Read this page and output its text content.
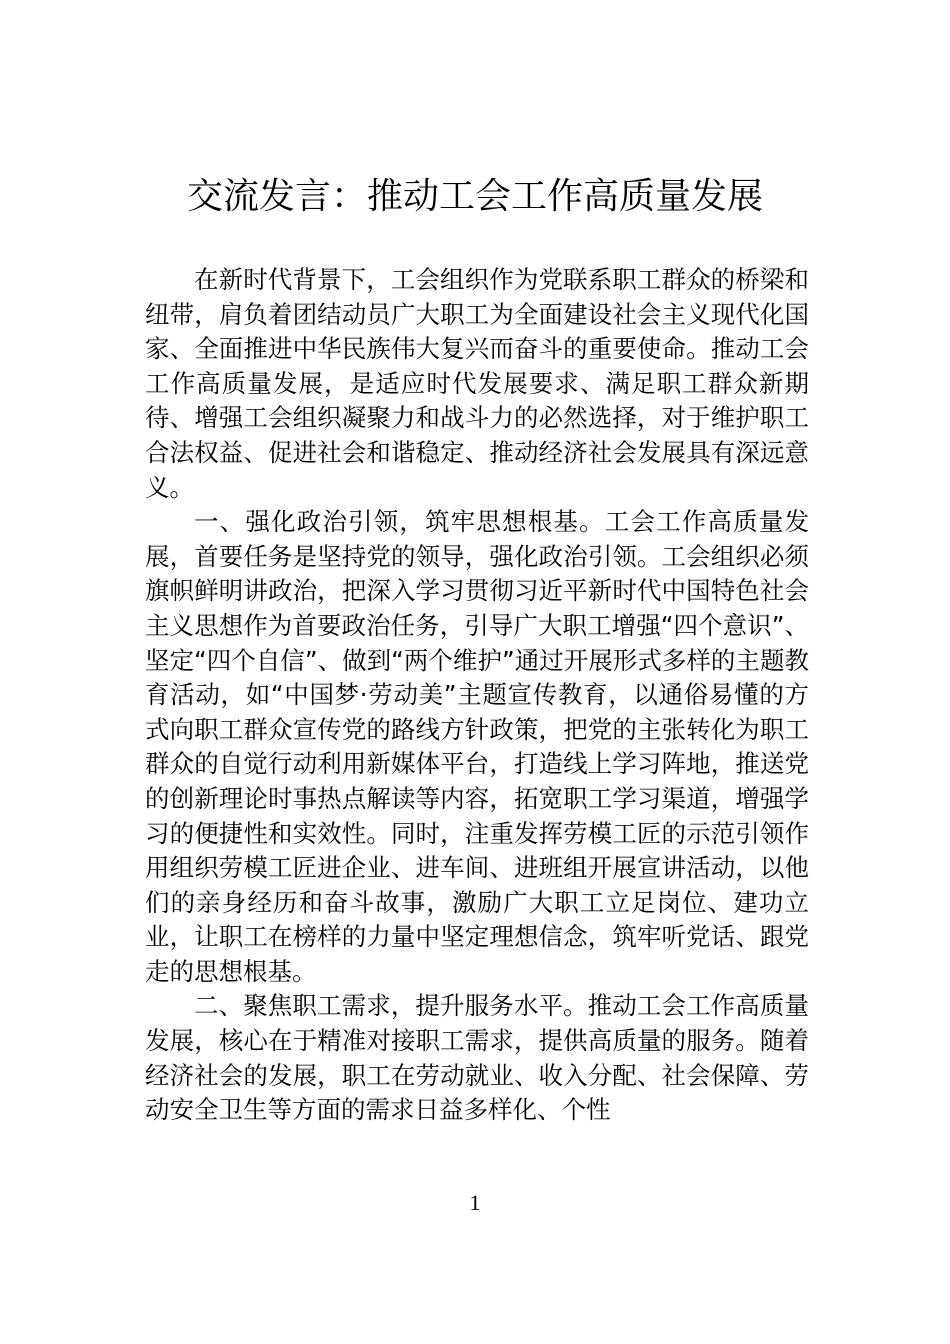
交流发言：推动工会工作高质量发展

在新时代背景下，工会组织作为党联系职工群众的桥梁和纽带，肩负着团结动员广大职工为全面建设社会主义现代化国家、全面推进中华民族伟大复兴而奋斗的重要使命。推动工会工作高质量发展，是适应时代发展要求、满足职工群众新期待、增强工会组织凝聚力和战斗力的必然选择，对于维护职工合法权益、促进社会和谐稳定、推动经济社会发展具有深远意义。

一、强化政治引领，筑牢思想根基。工会工作高质量发展，首要任务是坚持党的领导，强化政治引领。工会组织必须旗帜鲜明讲政治，把深入学习贯彻习近平新时代中国特色社会主义思想作为首要政治任务，引导广大职工增强“四个意识”、坚定“四个自信”、做到“两个维护”通过开展形式多样的主题教育活动，如“中国梦·劳动美”主题宣传教育，以通俗易懂的方式向职工群众宣传党的路线方针政策，把党的主张转化为职工群众的自觉行动利用新媒体平台，打造线上学习阵地，推送党的创新理论时事热点解读等内容，拓宽职工学习渠道，增强学习的便捷性和实效性。同时，注重发挥劳模工匠的示范引领作用组织劳模工匠进企业、进车间、进班组开展宣讲活动，以他们的亲身经历和奋斗故事，激励广大职工立足岗位、建功立业，让职工在榜样的力量中坚定理想信念，筑牢听党话、跟党走的思想根基。

二、聚焦职工需求，提升服务水平。推动工会工作高质量发展，核心在于精准对接职工需求，提供高质量的服务。随着经济社会的发展，职工在劳动就业、收入分配、社会保障、劳动安全卫生等方面的需求日益多样化、个性

1
